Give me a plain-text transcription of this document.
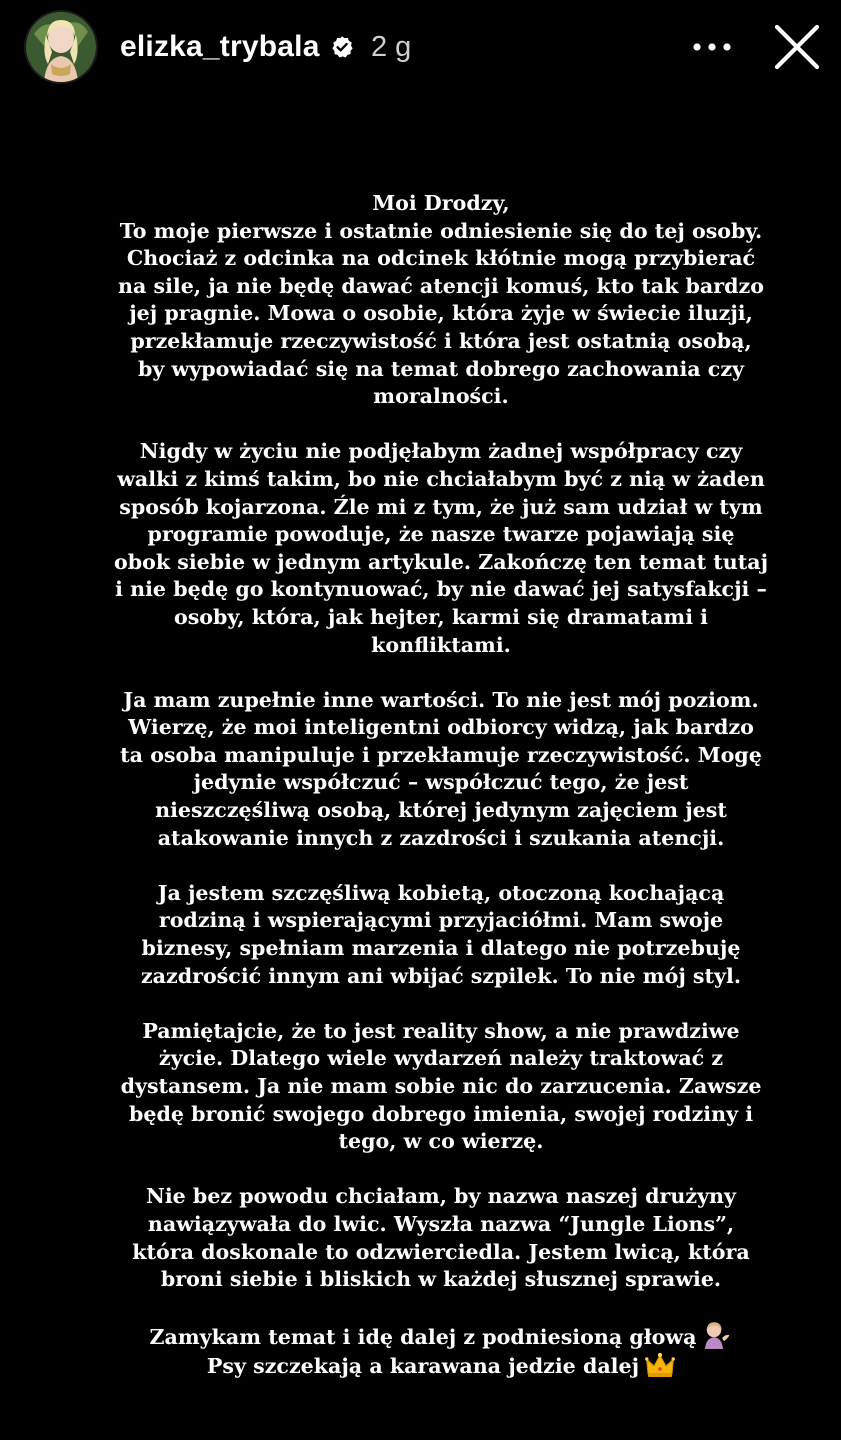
elizka_trybala 2 g
Moi Drodzy,
To moje pierwsze i ostatnie odniesienie się do tej osoby.
Chociaż z odcinka na odcinek kłótnie mogą przybierać
na sile, ja nie będę dawać atencji komuś, kto tak bardzo
jej pragnie. Mowa o osobie, która żyje w świecie iluzji,
przekłamuje rzeczywistość i która jest ostatnią osobą,
by wypowiadać się na temat dobrego zachowania czy
moralności.
Nigdy w życiu nie podjęłabym żadnej współpracy czy
walki z kimś takim, bo nie chciałabym być z nią w żaden
sposób kojarzona. Źle mi z tym, że już sam udział w tym
programie powoduje, że nasze twarze pojawiają się
obok siebie w jednym artykule. Zakończę ten temat tutaj
i nie będę go kontynuować, by nie dawać jej satysfakcji –
osoby, która, jak hejter, karmi się dramatami i
konfliktami.
Ja mam zupełnie inne wartości. To nie jest mój poziom.
Wierzę, że moi inteligentni odbiorcy widzą, jak bardzo
ta osoba manipuluje i przekłamuje rzeczywistość. Mogę
jedynie współczuć – współczuć tego, że jest
nieszczęśliwą osobą, której jedynym zajęciem jest
atakowanie innych z zazdrości i szukania atencji.
Ja jestem szczęśliwą kobietą, otoczoną kochającą
rodziną i wspierającymi przyjaciółmi. Mam swoje
biznesy, spełniam marzenia i dlatego nie potrzebuję
zazdrościć innym ani wbijać szpilek. To nie mój styl.
Pamiętajcie, że to jest reality show, a nie prawdziwe
życie. Dlatego wiele wydarzeń należy traktować z
dystansem. Ja nie mam sobie nic do zarzucenia. Zawsze
będę bronić swojego dobrego imienia, swojej rodziny i
tego, w co wierzę.
Nie bez powodu chciałam, by nazwa naszej drużyny
nawiązywała do lwic. Wyszła nazwa “Jungle Lions”,
która doskonale to odzwierciedla. Jestem lwicą, która
broni siebie i bliskich w każdej słusznej sprawie.
Zamykam temat i idę dalej z podniesioną głową
Psy szczekają a karawana jedzie dalej
